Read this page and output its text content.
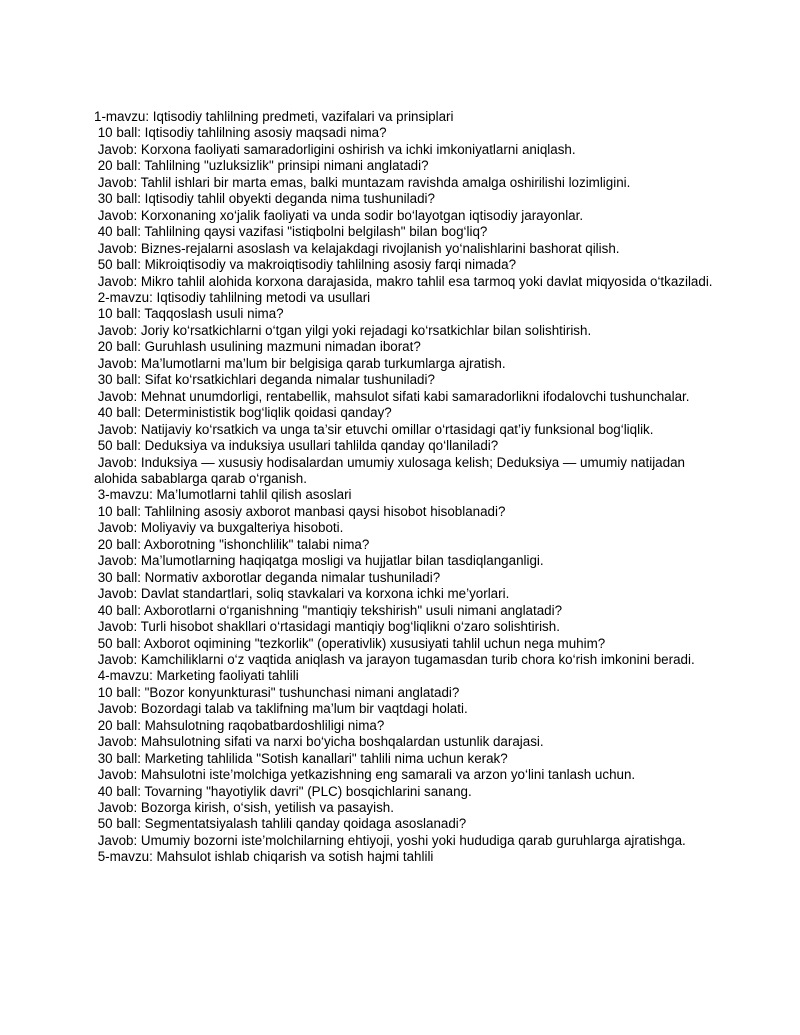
1-mavzu: Iqtisodiy tahlilning predmeti, vazifalari va prinsiplari

10 ball: Iqtisodiy tahlilning asosiy maqsadi nima?

Javob: Korxona faoliyati samaradorligini oshirish va ichki imkoniyatlarni aniqlash.

20 ball: Tahlilning "uzluksizlik" prinsipi nimani anglatadi?

Javob: Tahlil ishlari bir marta emas, balki muntazam ravishda amalga oshirilishi lozimligini.

30 ball: Iqtisodiy tahlil obyekti deganda nima tushuniladi?

Javob: Korxonaning xo‘jalik faoliyati va unda sodir bo‘layotgan iqtisodiy jarayonlar.

40 ball: Tahlilning qaysi vazifasi "istiqbolni belgilash" bilan bog‘liq?

Javob: Biznes-rejalarni asoslash va kelajakdagi rivojlanish yo‘nalishlarini bashorat qilish.

50 ball: Mikroiqtisodiy va makroiqtisodiy tahlilning asosiy farqi nimada?

Javob: Mikro tahlil alohida korxona darajasida, makro tahlil esa tarmoq yoki davlat miqyosida o‘tkaziladi.

2-mavzu: Iqtisodiy tahlilning metodi va usullari

10 ball: Taqqoslash usuli nima?

Javob: Joriy ko‘rsatkichlarni o‘tgan yilgi yoki rejadagi ko‘rsatkichlar bilan solishtirish.

20 ball: Guruhlash usulining mazmuni nimadan iborat?

Javob: Ma’lumotlarni ma’lum bir belgisiga qarab turkumlarga ajratish.

30 ball: Sifat ko‘rsatkichlari deganda nimalar tushuniladi?

Javob: Mehnat unumdorligi, rentabellik, mahsulot sifati kabi samaradorlikni ifodalovchi tushunchalar.

40 ball: Determinististik bog‘liqlik qoidasi qanday?

Javob: Natijaviy ko‘rsatkich va unga ta’sir etuvchi omillar o‘rtasidagi qat’iy funksional bog‘liqlik.

50 ball: Deduksiya va induksiya usullari tahlilda qanday qo‘llaniladi?

Javob: Induksiya — xususiy hodisalardan umumiy xulosaga kelish; Deduksiya — umumiy natijadan alohida sabablarga qarab o‘rganish.

3-mavzu: Ma’lumotlarni tahlil qilish asoslari

10 ball: Tahlilning asosiy axborot manbasi qaysi hisobot hisoblanadi?

Javob: Moliyaviy va buxgalteriya hisoboti.

20 ball: Axborotning "ishonchlilik" talabi nima?

Javob: Ma’lumotlarning haqiqatga mosligi va hujjatlar bilan tasdiqlanganligi.

30 ball: Normativ axborotlar deganda nimalar tushuniladi?

Javob: Davlat standartlari, soliq stavkalari va korxona ichki me’yorlari.

40 ball: Axborotlarni o‘rganishning "mantiqiy tekshirish" usuli nimani anglatadi?

Javob: Turli hisobot shakllari o‘rtasidagi mantiqiy bog‘liqlikni o‘zaro solishtirish.

50 ball: Axborot oqimining "tezkorlik" (operativlik) xususiyati tahlil uchun nega muhim?

Javob: Kamchiliklarni o‘z vaqtida aniqlash va jarayon tugamasdan turib chora ko‘rish imkonini beradi.

4-mavzu: Marketing faoliyati tahlili

10 ball: "Bozor konyunkturasi" tushunchasi nimani anglatadi?

Javob: Bozordagi talab va taklifning ma’lum bir vaqtdagi holati.

20 ball: Mahsulotning raqobatbardoshliligi nima?

Javob: Mahsulotning sifati va narxi bo‘yicha boshqalardan ustunlik darajasi.

30 ball: Marketing tahlilida "Sotish kanallari" tahlili nima uchun kerak?

Javob: Mahsulotni iste’molchiga yetkazishning eng samarali va arzon yo‘lini tanlash uchun.

40 ball: Tovarning "hayotiylik davri" (PLC) bosqichlarini sanang.

Javob: Bozorga kirish, o‘sish, yetilish va pasayish.

50 ball: Segmentatsiyalash tahlili qanday qoidaga asoslanadi?

Javob: Umumiy bozorni iste’molchilarning ehtiyoji, yoshi yoki hududiga qarab guruhlarga ajratishga.

5-mavzu: Mahsulot ishlab chiqarish va sotish hajmi tahlili
